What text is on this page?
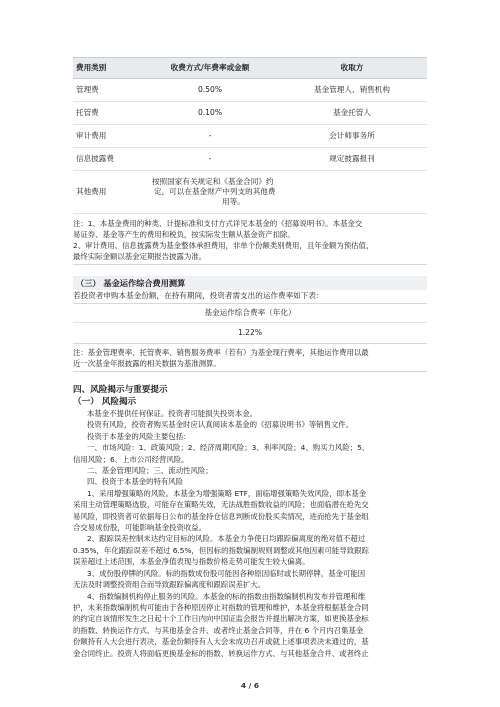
费用类别	收费方式/年费率或金额	收取方
管理费	0.50%	基金管理人、销售机构
托管费	0.10%	基金托管人
审计费用	-	会计师事务所
信息披露费	-	规定披露报刊
其他费用	按照国家有关规定和《基金合同》约
定，可以在基金财产中列支的其他费
用等。	

注：1、本基金费用的种类、计提标准和支付方式详见本基金的《招募说明书》。本基金交

易证券、基金等产生的费用和税负，按实际发生额从基金资产扣除。

2、审计费用、信息披露费为基金整体承担费用，非单个份额类别费用，且年金额为预估值，

最终实际金额以基金定期报告披露为准。

（三） 基金运作综合费用测算
若投资者申购本基金份额，在持有期间，投资者需支出的运作费率如下表：
基金运作综合费率（年化）
1.22%

注：基金管理费率、托管费率、销售服务费率（若有）为基金现行费率，其他运作费用以最

近一次基金年报披露的相关数据为基准测算。

四、风险揭示与重要提示
（一） 风险揭示

本基金不提供任何保证。投资者可能损失投资本金。

投资有风险，投资者购买基金时应认真阅读本基金的《招募说明书》等销售文件。

投资于本基金的风险主要包括：

一、市场风险：1、政策风险；2、经济周期风险；3、利率风险；4、购买力风险；5、

信用风险；6、上市公司经营风险。

二、基金管理风险；三、流动性风险；

四、投资于本基金的特有风险

1、采用增强策略的风险。本基金为增强策略 ETF，面临增强策略失效风险，即本基金

采用主动管理策略选股，可能存在策略失效，无法战胜指数收益的风险；也面临潜在抢先交

易风险，即投资者可依据每日公布的基金持仓信息判断成份股买卖情况，进而抢先于基金组

合交易成份股，可能影响基金投资收益。

2、跟踪误差控制未达约定目标的风险。本基金力争使日均跟踪偏离度的绝对值不超过

0.35%，年化跟踪误差不超过 6.5%，但因标的指数编制规则调整或其他因素可能导致跟踪

误差超过上述范围，本基金净值表现与指数价格走势可能发生较大偏离。

3、成份股停牌的风险。标的指数成份股可能因各种原因临时或长期停牌，基金可能因

无法及时调整投资组合而导致跟踪偏离度和跟踪误差扩大。

4、指数编制机构停止服务的风险。本基金的标的指数由指数编制机构发布并管理和维

护，未来指数编制机构可能由于各种原因停止对指数的管理和维护，本基金将根据基金合同

的约定自该情形发生之日起十个工作日内向中国证监会报告并提出解决方案，如更换基金标

的指数、转换运作方式、与其他基金合并、或者终止基金合同等，并在 6 个月内召集基金

份额持有人大会进行表决，基金份额持有人大会未成功召开或就上述事项表决未通过的，基

金合同终止。投资人将面临更换基金标的指数、转换运作方式、与其他基金合并、或者终止

4 / 6
